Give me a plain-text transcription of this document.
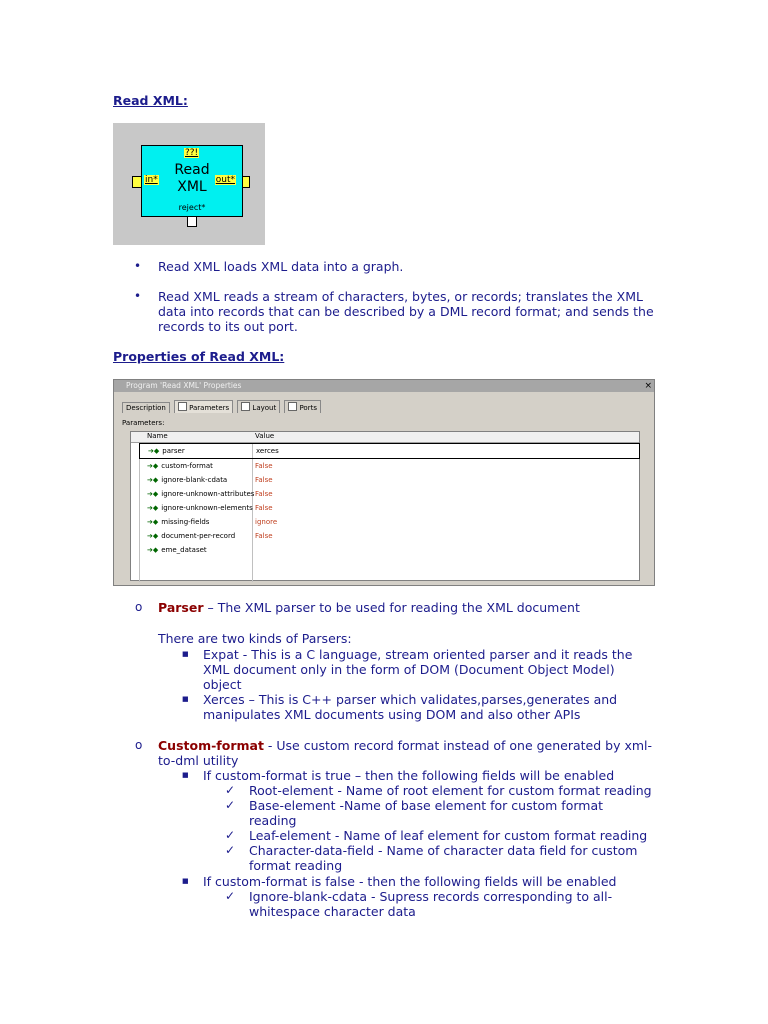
Read XML:
??!
in*
Read
XML	out*
reject*
• Read XML loads XML data into a graph.
• Read XML reads a stream of characters, bytes, or records; translates the XML data into records that can be described by a DML record format; and sends the records to its out port.
Properties of Read XML:
Program 'Read XML' Properties	×
Description	Parameters	Layout	Ports
Parameters:
Name	Value
➔◆ parser	xerces
➔◆ custom-format	False
➔◆ ignore-blank-cdata	False
➔◆ ignore-unknown-attributes False
➔◆ ignore-unknown-elements False
➔◆ missing-fields	ignore
➔◆ document-per-record	False
➔◆ eme_dataset
o Parser – The XML parser to be used for reading the XML document
There are two kinds of Parsers:
■ Expat - This is a C language, stream oriented parser and it reads the XML document only in the form of DOM (Document Object Model) object
■ Xerces – This is C++ parser which validates,parses,generates and manipulates XML documents using DOM and also other APIs
o Custom-format - Use custom record format instead of one generated by xml-to-dml utility
■ If custom-format is true – then the following fields will be enabled
✓ Root-element - Name of root element for custom format reading
✓ Base-element -Name of base element for custom format reading
✓ Leaf-element - Name of leaf element for custom format reading
✓ Character-data-field - Name of character data field for custom format reading
■ If custom-format is false - then the following fields will be enabled
✓ Ignore-blank-cdata - Supress records corresponding to all-whitespace character data
